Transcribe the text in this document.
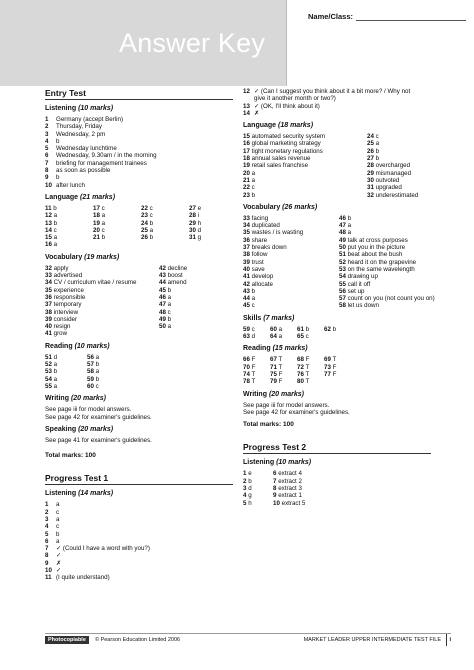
Answer Key
Name/Class:
Entry Test
Listening (10 marks)
1	Germany (accept Berlin)
2	Thursday, Friday
3	Wednesday, 2 pm
4	b
5	Wednesday lunchtime
6	Wednesday, 9.30am / in the morning
7	briefing for management trainees
8	as soon as possible
9	b
10 after lunch
Language (21 marks)
11 b	17 c	22 c	27 e
12 a	18 a	23 c	28 i
13 b	19 a	24 b	29 h
14 c	20 c	25 a	30 d
15 a	21 b	26 b	31 g
16 a
Vocabulary (19 marks)
32 apply	42 decline
33 advertised	43 boost
34 CV / curriculum vitae / resume	44 amend
35 experience	45 b
36 responsible	46 a
37 temporary	47 a
38 interview	48 c
39 consider	49 b
40 resign	50 a
41 grow
Reading (10 marks)
51 d	56 a
52 a	57 b
53 b	58 a
54 a	59 b
55 a	60 c
Writing (20 marks)
See page iii for model answers.
See page 42 for examiner's guidelines.
Speaking (20 marks)
See page 41 for examiner's guidelines.
Total marks: 100
Progress Test 1
Listening (14 marks)
1	a
2	c
3	a
4	c
5	b
6	a
7	✓ (Could I have a word with you?)
8	✓
9	✗
10 ✓
11 (I quite understand)
12 ✓ (Can I suggest you think about it a bit more? / Why not
give it another month or two?)
13 ✓ (OK, I'll think about it)
14 ✗
Language (18 marks)
15 automated security system	24 c
16 global marketing strategy	25 a
17 tight monetary regulations	26 b
18 annual sales revenue	27 b
19 retail sales franchise	28 overcharged
20 a	29 mismanaged
21 a	30 outvoted
22 c	31 upgraded
23 b	32 underestimated
Vocabulary (26 marks)
33 facing	46 b
34 duplicated	47 a
35 wastes / is wasting	48 a
36 share	49 talk at cross purposes
37 breaks down	50 put you in the picture
38 follow	51 beat about the bush
39 trust	52 heard it on the grapevine
40 save	53 on the same wavelength
41 develop	54 drawing up
42 allocate	55 call it off
43 b	56 set up
44 a	57 count on you (not count you on)
45 c	58 let us down
Skills (7 marks)
59 c	60 a	61 b	62 b
63 d	64 a	65 c
Reading (15 marks)
66 F	67 T	68 F	69 T
70 F	71 T	72 T	73 F
74 T	75 F	76 T	77 F
78 T	79 F	80 T
Writing (20 marks)
See page iii for model answers.
See page 42 for examiner's guidelines.
Total marks: 100
Progress Test 2
Listening (10 marks)
1 e	6 extract 4
2 b	7 extract 2
3 d	8 extract 3
4 g	9 extract 1
5 h	10 extract 5
Photocopiable	© Pearson Education Limited 2006	MARKET LEADER UPPER INTERMEDIATE TEST FILE i
